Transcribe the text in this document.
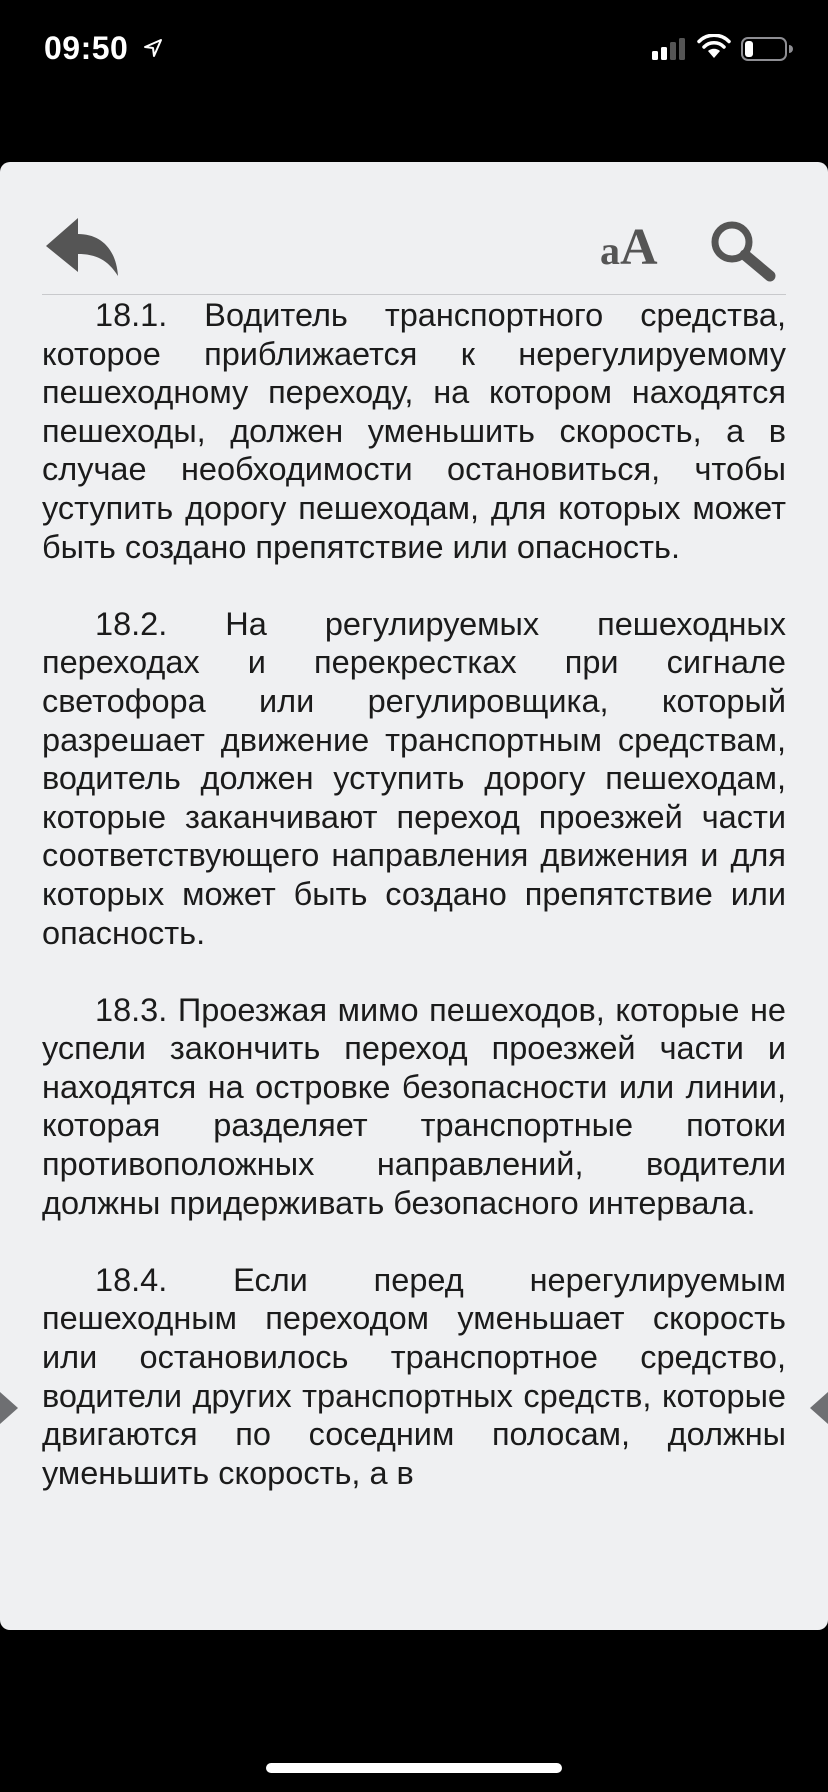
09:50
aA

18.1. Водитель транспортного средства, которое приближается к нерегулируемому пешеходному переходу, на котором находятся пешеходы, должен уменьшить скорость, а в случае необходимости остановиться, чтобы уступить дорогу пешеходам, для которых может быть создано препятствие или опасность.

18.2. На регулируемых пешеходных переходах и перекрестках при сигнале светофора или регулировщика, который разрешает движение транспортным средствам, водитель должен уступить дорогу пешеходам, которые заканчивают переход проезжей части соответствующего направления движения и для которых может быть создано препятствие или опасность.

18.3. Проезжая мимо пешеходов, которые не успели закончить переход проезжей части и находятся на островке безопасности или линии, которая разделяет транспортные потоки противоположных направлений, водители должны придерживать безопасного интервала.

18.4. Если перед нерегулируемым пешеходным переходом уменьшает скорость или остановилось транспортное средство, водители других транспортных средств, которые двигаются по соседним полосам, должны уменьшить скорость, а в
